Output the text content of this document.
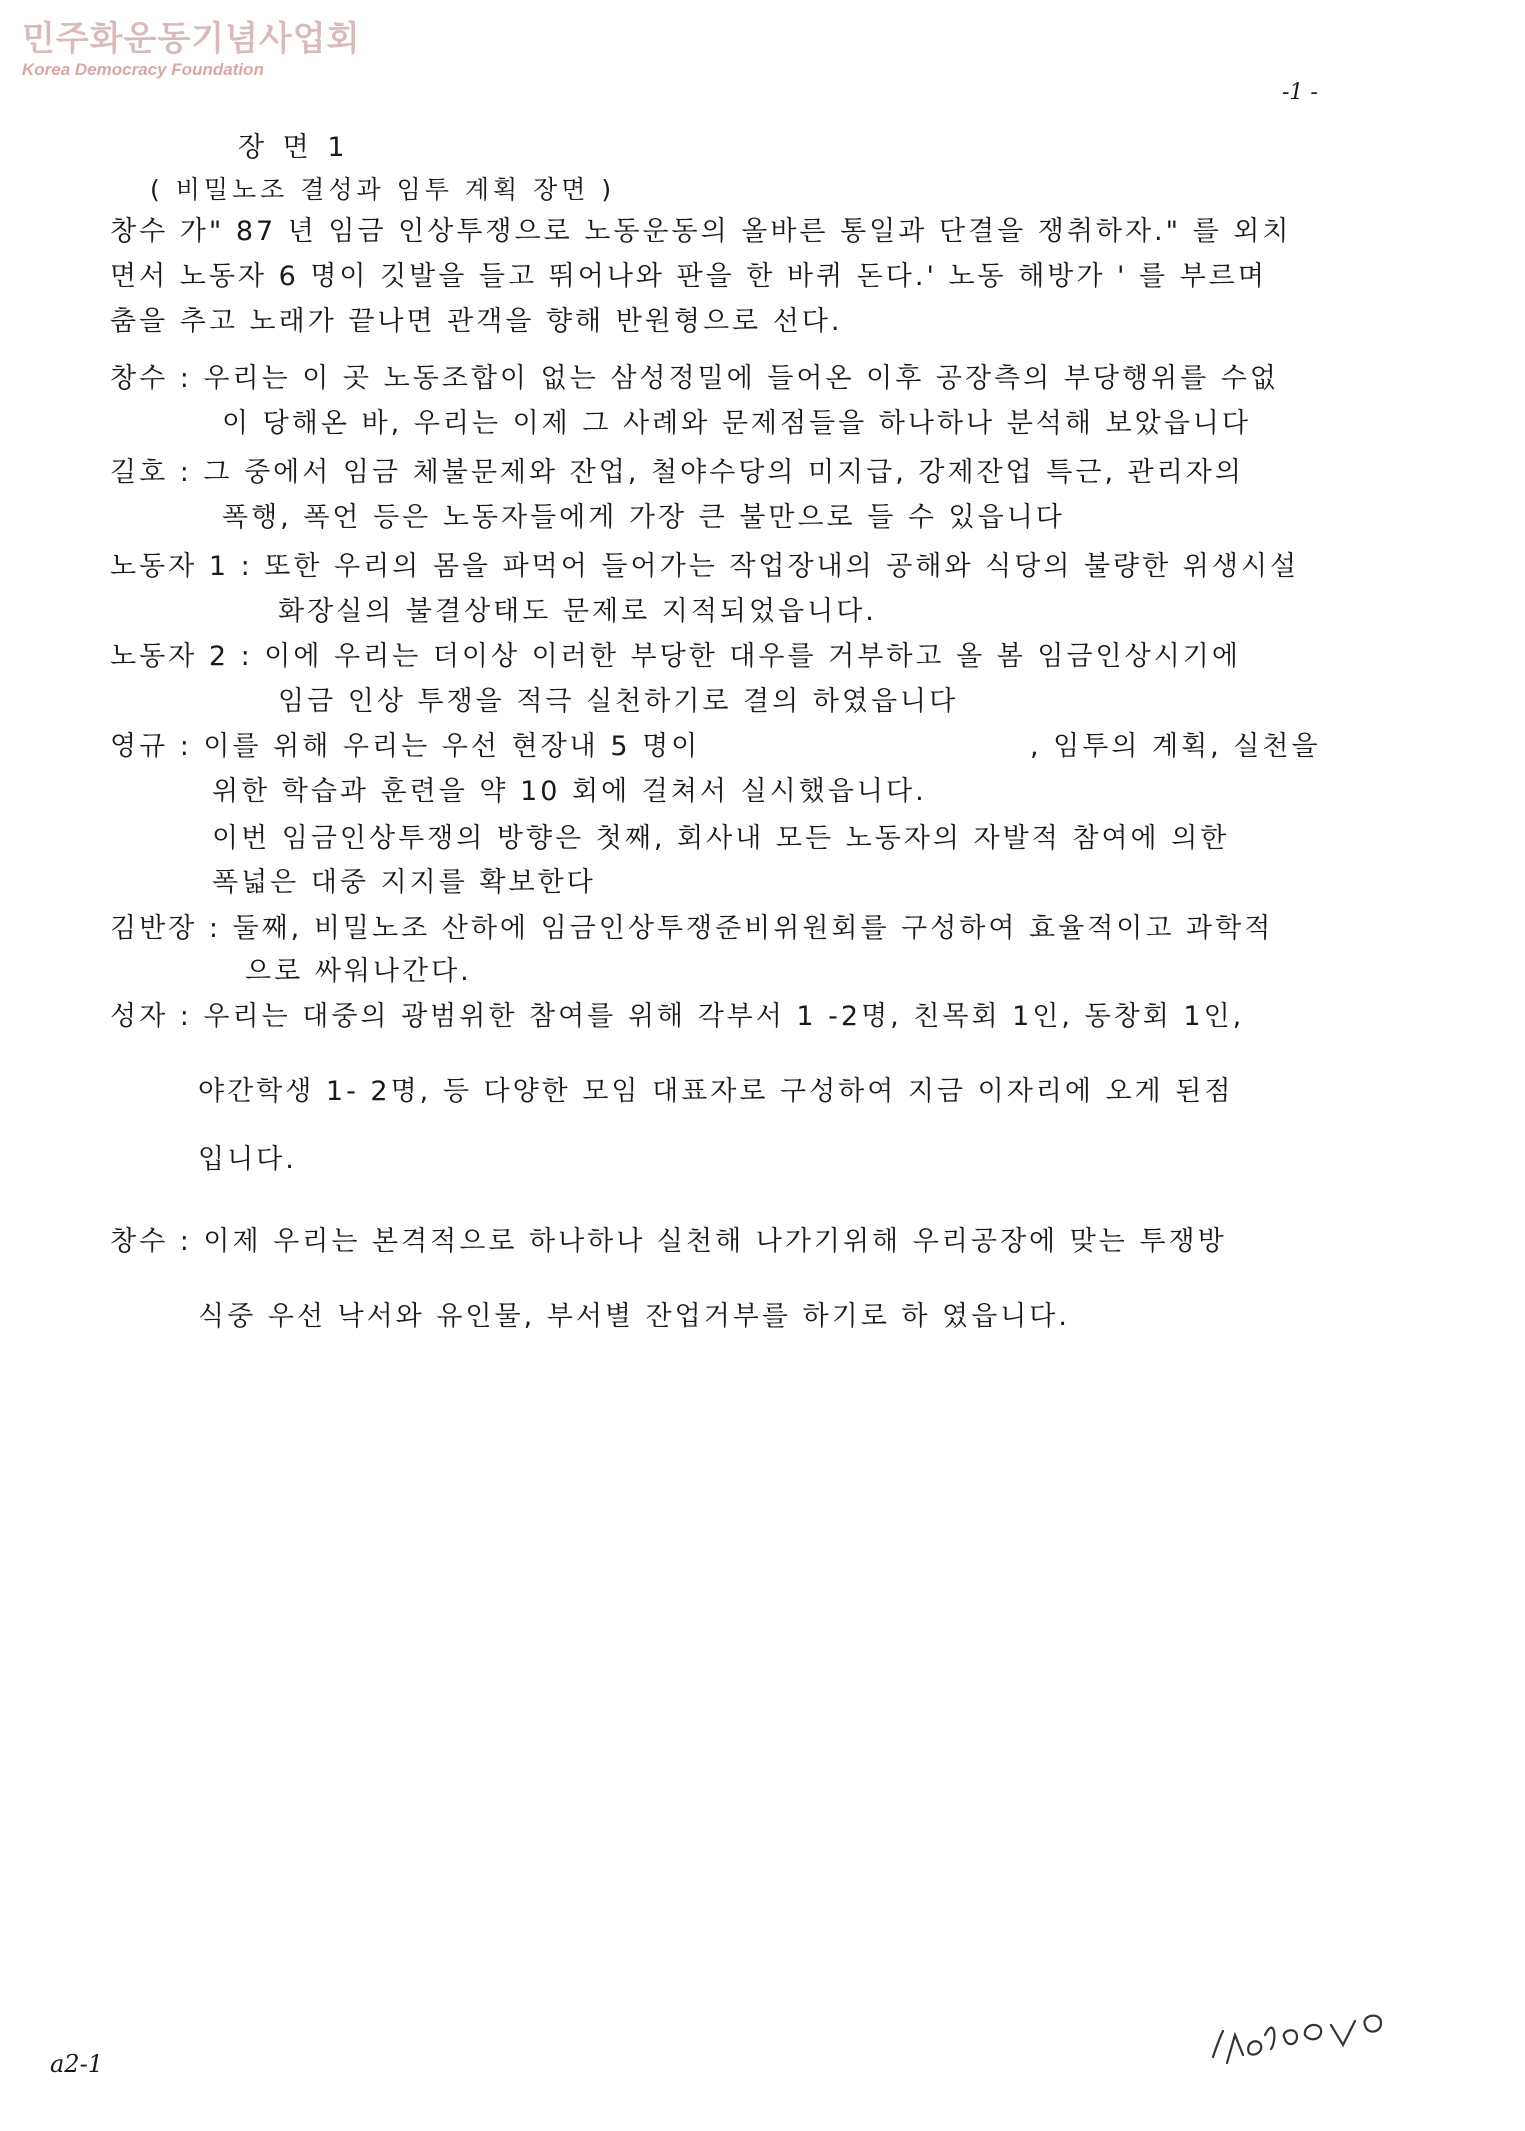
민주화운동기념사업회
Korea Democracy Foundation
-1 -
장 면 1
( 비밀노조 결성과 임투 계획 장면 )
창수 가" 87 년 임금 인상투쟁으로 노동운동의 올바른 통일과 단결을 쟁취하자." 를 외치
면서 노동자 6 명이 깃발을 들고 뛰어나와 판을 한 바퀴 돈다.' 노동 해방가 ' 를 부르며
춤을 추고 노래가 끝나면 관객을 향해 반원형으로 선다.
창수 : 우리는 이 곳 노동조합이 없는 삼성정밀에 들어온 이후 공장측의 부당행위를 수없
이 당해온 바, 우리는 이제 그 사례와 문제점들을 하나하나 분석해 보았읍니다
길호 : 그 중에서 임금 체불문제와 잔업, 철야수당의 미지급, 강제잔업 특근, 관리자의
폭행, 폭언 등은 노동자들에게 가장 큰 불만으로 들 수 있읍니다
노동자 1 : 또한 우리의 몸을 파먹어 들어가는 작업장내의 공해와 식당의 불량한 위생시설
화장실의 불결상태도 문제로 지적되었읍니다.
노동자 2 : 이에 우리는 더이상 이러한 부당한 대우를 거부하고 올 봄 임금인상시기에
임금 인상 투쟁을 적극 실천하기로 결의 하였읍니다
영규 : 이를 위해 우리는 우선 현장내 5 명이	, 임투의 계획, 실천을
위한 학습과 훈련을 약 10 회에 걸쳐서 실시했읍니다.
이번 임금인상투쟁의 방향은 첫째, 회사내 모든 노동자의 자발적 참여에 의한
폭넓은 대중 지지를 확보한다
김반장 : 둘째, 비밀노조 산하에 임금인상투쟁준비위원회를 구성하여 효율적이고 과학적
으로 싸워나간다.
성자 : 우리는 대중의 광범위한 참여를 위해 각부서 1 -2명, 친목회 1인, 동창회 1인,
야간학생 1- 2명, 등 다양한 모임 대표자로 구성하여 지금 이자리에 오게 된점
입니다.
창수 : 이제 우리는 본격적으로 하나하나 실천해 나가기위해 우리공장에 맞는 투쟁방
식중 우선 낙서와 유인물, 부서별 잔업거부를 하기로 하 였읍니다.
a2-1
